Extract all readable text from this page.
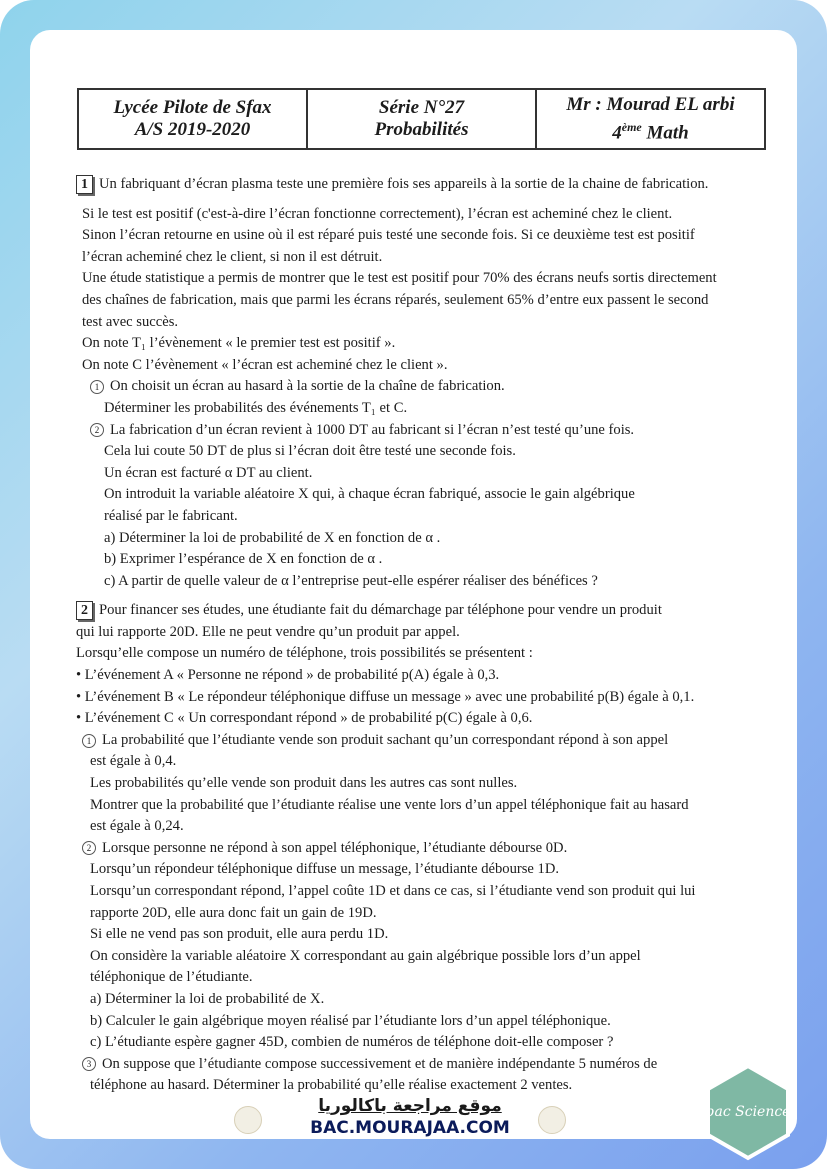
Lycée Pilote de Sfax
A/S 2019-2020
Série N°27
Probabilités
Mr : Mourad EL arbi
4ème Math
1 Un fabriquant d’écran plasma teste une première fois ses appareils à la sortie de la chaine de fabrication.
Si le test est positif (c'est-à-dire l’écran fonctionne correctement), l’écran est acheminé chez le client.
Sinon l’écran retourne en usine où il est réparé puis testé une seconde fois. Si ce deuxième test est positif
l’écran acheminé chez le client, si non il est détruit.
Une étude statistique a permis de montrer que le test est positif pour 70% des écrans neufs sortis directement
des chaînes de fabrication, mais que parmi les écrans réparés, seulement 65% d’entre eux passent le second
test avec succès.
On note T₁ l’évènement « le premier test est positif ».
On note C l’évènement « l’écran est acheminé chez le client ».
1 On choisit un écran au hasard à la sortie de la chaîne de fabrication.
Déterminer les probabilités des événements T₁ et C.
2 La fabrication d’un écran revient à 1000 DT au fabricant si l’écran n’est testé qu’une fois.
Cela lui coute 50 DT de plus si l’écran doit être testé une seconde fois.
Un écran est facturé α DT au client.
On introduit la variable aléatoire X qui, à chaque écran fabriqué, associe le gain algébrique
réalisé par le fabricant.
a) Déterminer la loi de probabilité de X en fonction de α .
b) Exprimer l’espérance de X en fonction de α .
c) A partir de quelle valeur de α l’entreprise peut-elle espérer réaliser des bénéfices ?
2 Pour financer ses études, une étudiante fait du démarchage par téléphone pour vendre un produit
qui lui rapporte 20D. Elle ne peut vendre qu’un produit par appel.
Lorsqu’elle compose un numéro de téléphone, trois possibilités se présentent :
• L’événement A « Personne ne répond » de probabilité p(A) égale à 0,3.
• L’événement B « Le répondeur téléphonique diffuse un message » avec une probabilité p(B) égale à 0,1.
• L’événement C « Un correspondant répond » de probabilité p(C) égale à 0,6.
1 La probabilité que l’étudiante vende son produit sachant qu’un correspondant répond à son appel
est égale à 0,4.
Les probabilités qu’elle vende son produit dans les autres cas sont nulles.
Montrer que la probabilité que l’étudiante réalise une vente lors d’un appel téléphonique fait au hasard
est égale à 0,24.
2 Lorsque personne ne répond à son appel téléphonique, l’étudiante débourse 0D.
Lorsqu’un répondeur téléphonique diffuse un message, l’étudiante débourse 1D.
Lorsqu’un correspondant répond, l’appel coûte 1D et dans ce cas, si l’étudiante vend son produit qui lui
rapporte 20D, elle aura donc fait un gain de 19D.
Si elle ne vend pas son produit, elle aura perdu 1D.
On considère la variable aléatoire X correspondant au gain algébrique possible lors d’un appel
téléphonique de l’étudiante.
a) Déterminer la loi de probabilité de X.
b) Calculer le gain algébrique moyen réalisé par l’étudiante lors d’un appel téléphonique.
c) L’étudiante espère gagner 45D, combien de numéros de téléphone doit-elle composer ?
3 On suppose que l’étudiante compose successivement et de manière indépendante 5 numéros de
téléphone au hasard. Déterminer la probabilité qu’elle réalise exactement 2 ventes.
موقع مراجعة باكالوريا
BAC.MOURAJAA.COM
bac Science
